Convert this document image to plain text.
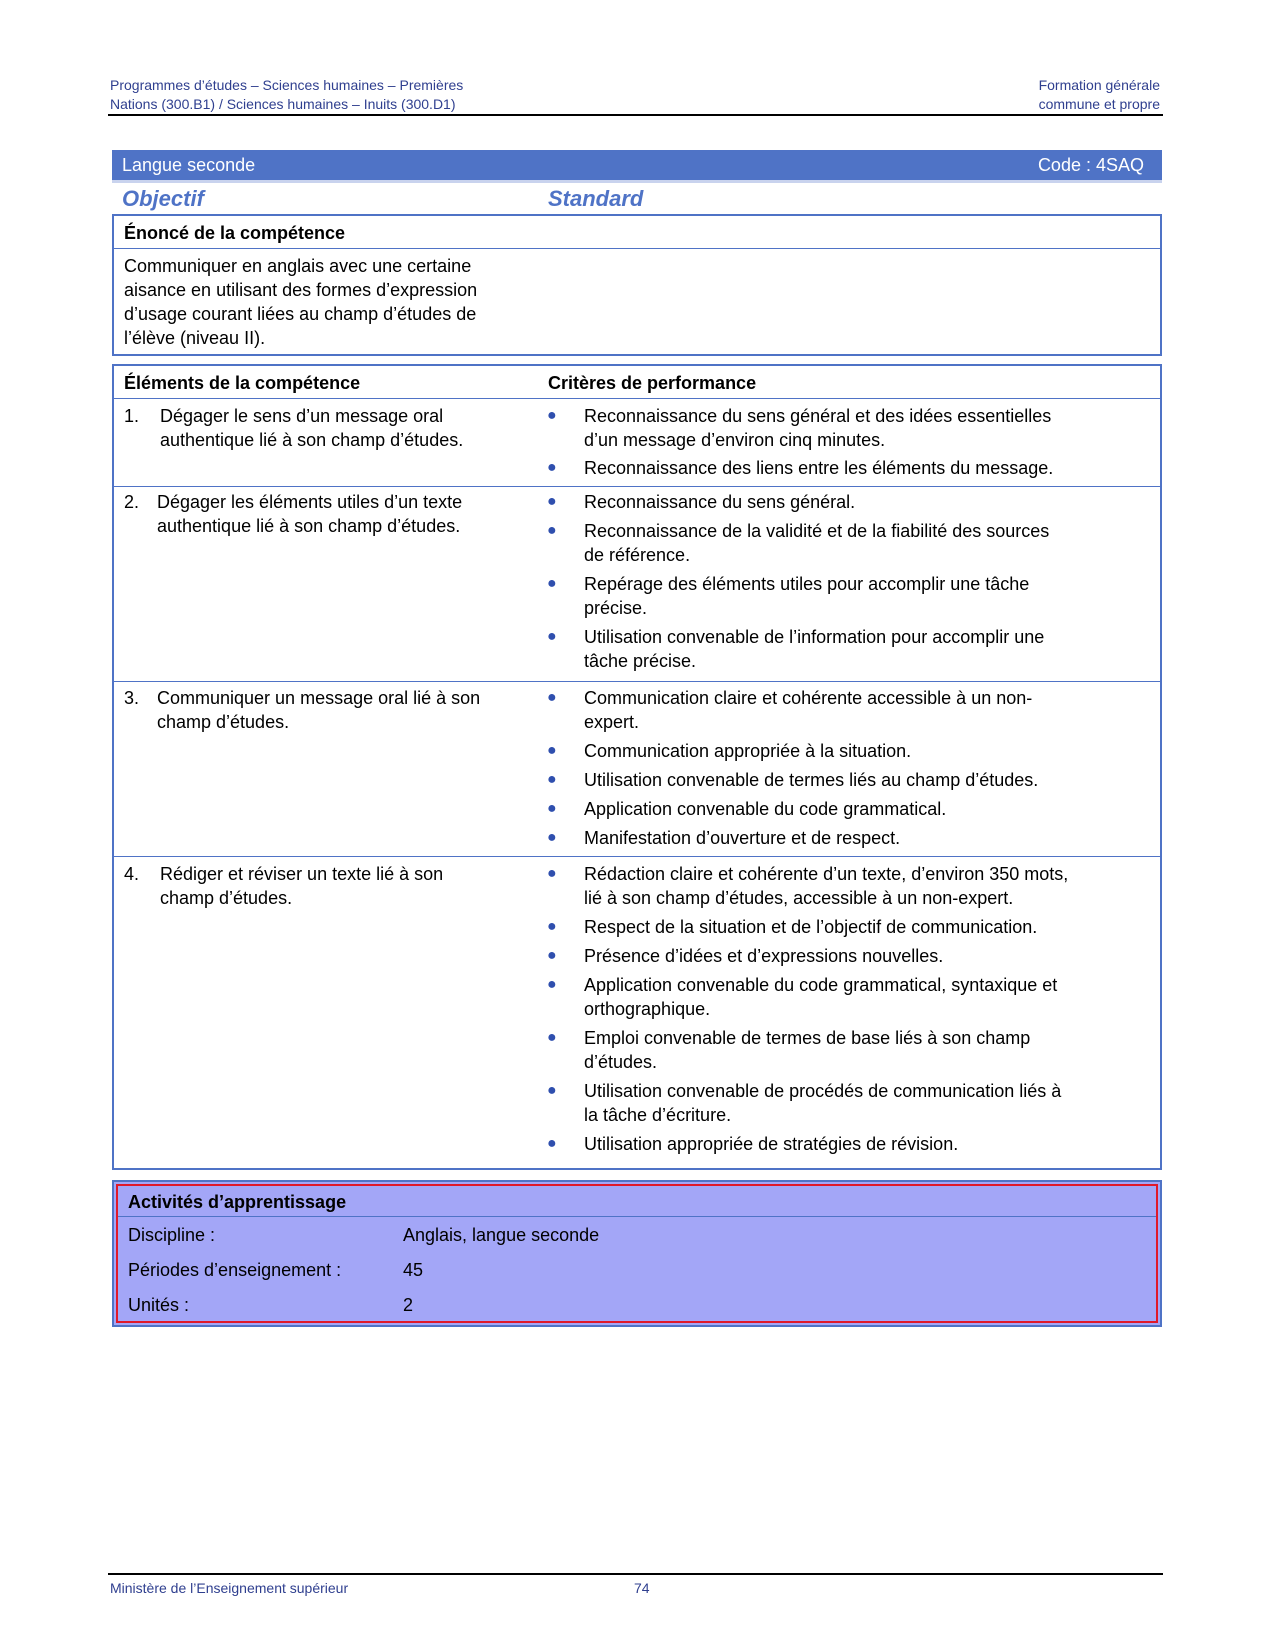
Programmes d’études – Sciences humaines – Premières
Nations (300.B1) / Sciences humaines – Inuits (300.D1)
Formation générale
commune et propre
Langue seconde	Code : 4SAQ
Objectif	Standard
Énoncé de la compétence
Communiquer en anglais avec une certaine
aisance en utilisant des formes d’expression
d’usage courant liées au champ d’études de
l’élève (niveau II).
Éléments de la compétence	Critères de performance
1. Dégager le sens d’un message oral
authentique lié à son champ d’études.
● Reconnaissance du sens général et des idées essentielles
d’un message d’environ cinq minutes.
● Reconnaissance des liens entre les éléments du message.
2. Dégager les éléments utiles d’un texte
authentique lié à son champ d’études.
● Reconnaissance du sens général.
● Reconnaissance de la validité et de la fiabilité des sources
de référence.
● Repérage des éléments utiles pour accomplir une tâche
précise.
● Utilisation convenable de l’information pour accomplir une
tâche précise.
3. Communiquer un message oral lié à son
champ d’études.
● Communication claire et cohérente accessible à un non-
expert.
● Communication appropriée à la situation.
● Utilisation convenable de termes liés au champ d’études.
● Application convenable du code grammatical.
● Manifestation d’ouverture et de respect.
4. Rédiger et réviser un texte lié à son
champ d’études.
● Rédaction claire et cohérente d’un texte, d’environ 350 mots,
lié à son champ d’études, accessible à un non-expert.
● Respect de la situation et de l’objectif de communication.
● Présence d’idées et d’expressions nouvelles.
● Application convenable du code grammatical, syntaxique et
orthographique.
● Emploi convenable de termes de base liés à son champ
d’études.
● Utilisation convenable de procédés de communication liés à
la tâche d’écriture.
● Utilisation appropriée de stratégies de révision.
Activités d’apprentissage
Discipline :	Anglais, langue seconde
Périodes d’enseignement :	45
Unités :	2
Ministère de l’Enseignement supérieur	74
